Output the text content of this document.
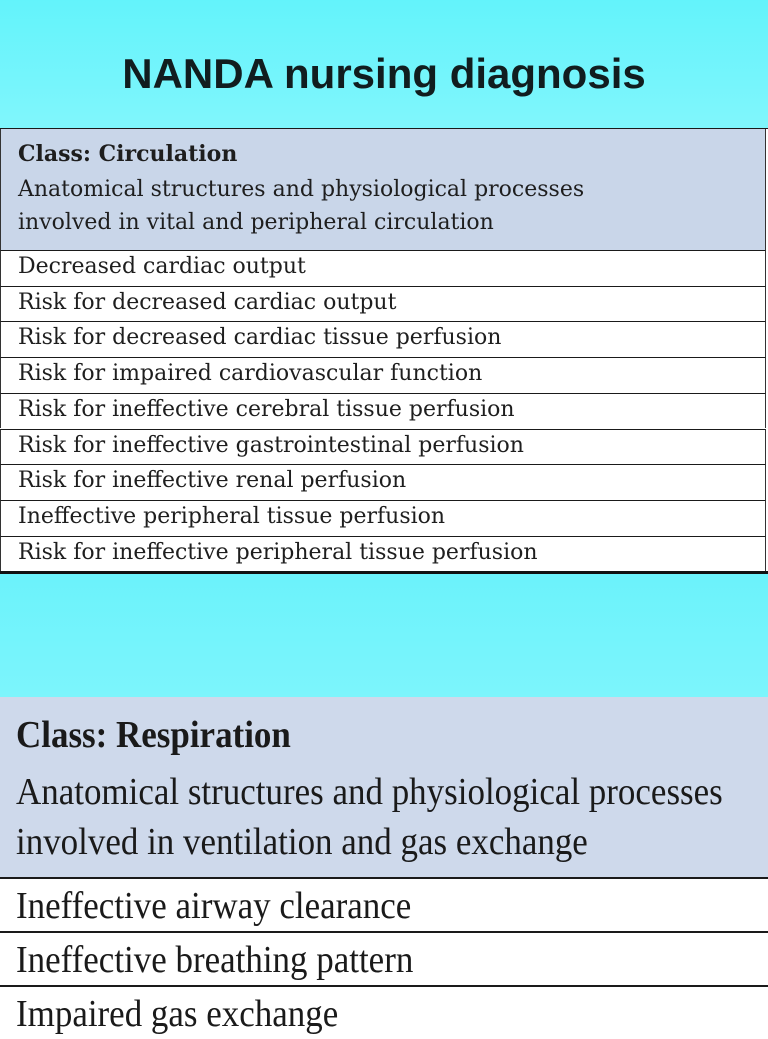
NANDA nursing diagnosis
Class: Circulation
Anatomical structures and physiological processes
involved in vital and peripheral circulation
Decreased cardiac output
Risk for decreased cardiac output
Risk for decreased cardiac tissue perfusion
Risk for impaired cardiovascular function
Risk for ineffective cerebral tissue perfusion
Risk for ineffective gastrointestinal perfusion
Risk for ineffective renal perfusion
Ineffective peripheral tissue perfusion
Risk for ineffective peripheral tissue perfusion
Class: Respiration
Anatomical structures and physiological processes
involved in ventilation and gas exchange
Ineffective airway clearance
Ineffective breathing pattern
Impaired gas exchange
